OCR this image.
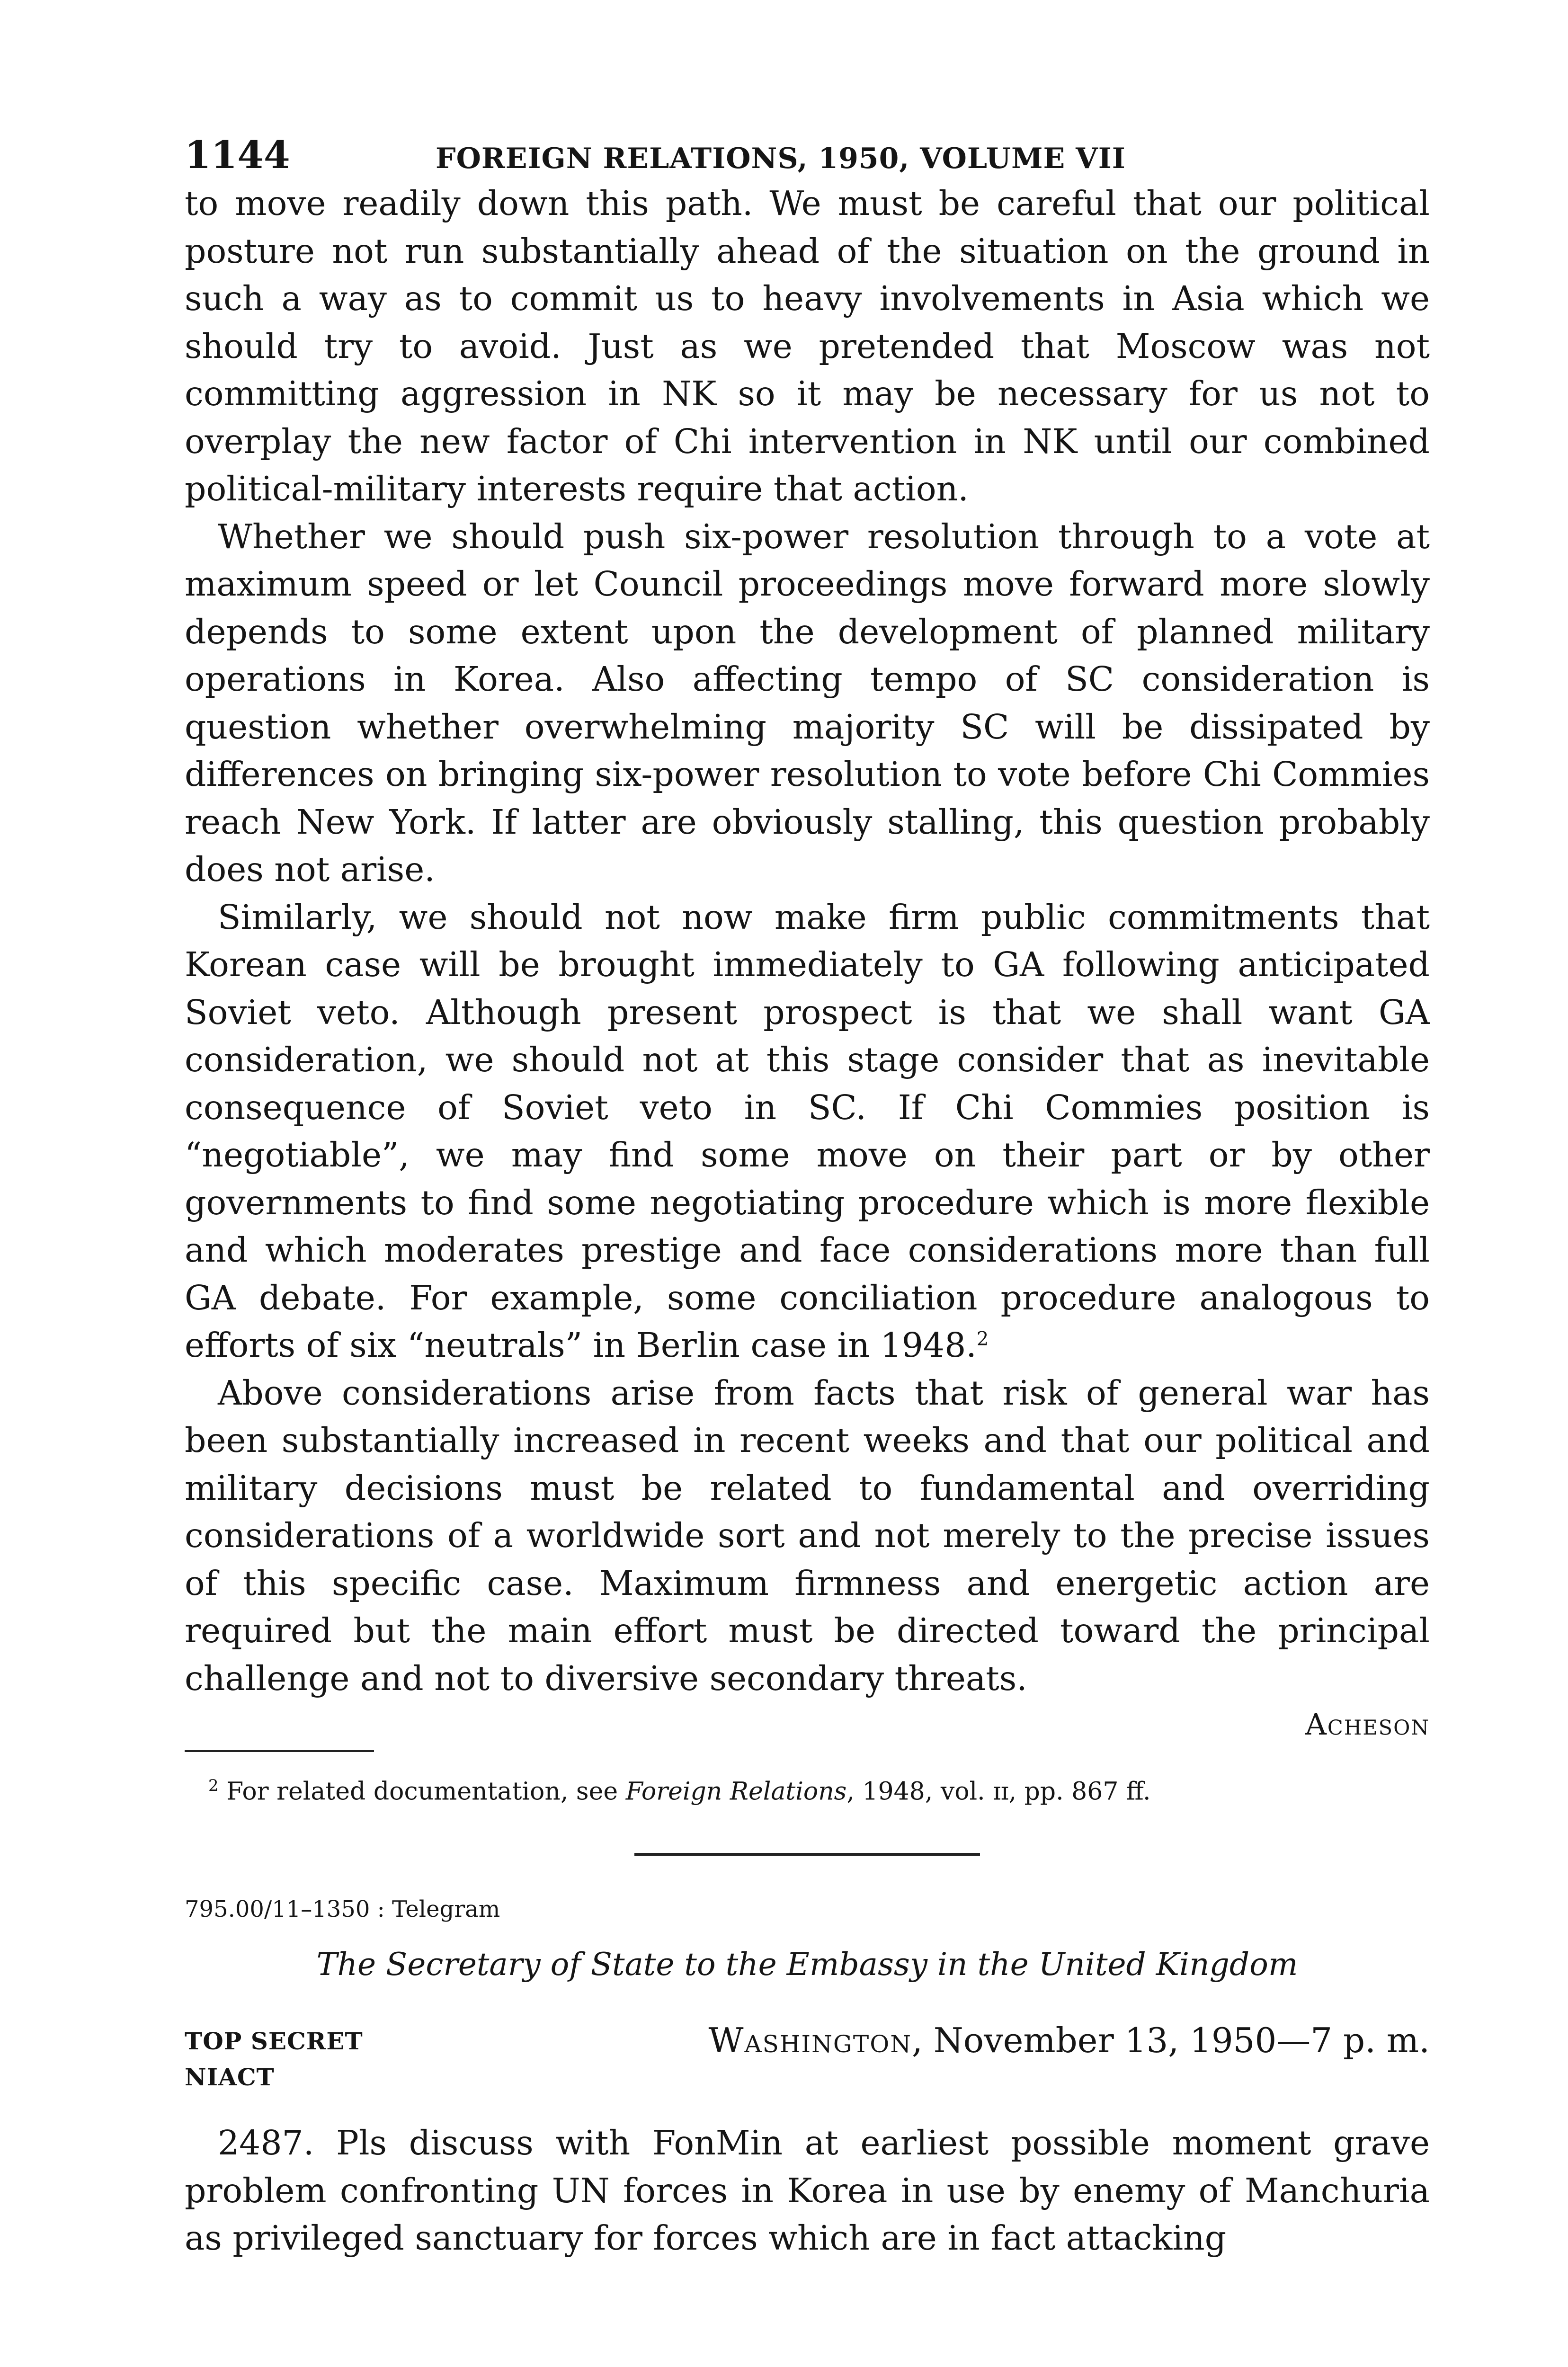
1144	FOREIGN RELATIONS, 1950, VOLUME VII

to move readily down this path. We must be careful that our political posture not run substantially ahead of the situation on the ground in such a way as to commit us to heavy involvements in Asia which we should try to avoid. Just as we pretended that Moscow was not committing aggression in NK so it may be necessary for us not to overplay the new factor of Chi intervention in NK until our combined political-military interests require that action.

Whether we should push six-power resolution through to a vote at maximum speed or let Council proceedings move forward more slowly depends to some extent upon the development of planned military operations in Korea. Also affecting tempo of SC consideration is question whether overwhelming majority SC will be dissipated by differences on bringing six-power resolution to vote before Chi Commies reach New York. If latter are obviously stalling, this question probably does not arise.

Similarly, we should not now make firm public commitments that Korean case will be brought immediately to GA following anticipated Soviet veto. Although present prospect is that we shall want GA consideration, we should not at this stage consider that as inevitable consequence of Soviet veto in SC. If Chi Commies position is “negotiable”, we may find some move on their part or by other governments to find some negotiating procedure which is more flexible and which moderates prestige and face considerations more than full GA debate. For example, some conciliation procedure analogous to efforts of six “neutrals” in Berlin case in 1948.$^2$

Above considerations arise from facts that risk of general war has been substantially increased in recent weeks and that our political and military decisions must be related to fundamental and overriding considerations of a worldwide sort and not merely to the precise issues of this specific case. Maximum firmness and energetic action are required but the main effort must be directed toward the principal challenge and not to diversive secondary threats.

Acheson

$^2$ For related documentation, see Foreign Relations, 1948, vol. ɪɪ, pp. 867 ff.

795.00/11–1350 : Telegram

The Secretary of State to the Embassy in the United Kingdom

TOP SECRET	Washington, November 13, 1950—7 p. m.

NIACT

2487. Pls discuss with FonMin at earliest possible moment grave problem confronting UN forces in Korea in use by enemy of Manchuria as privileged sanctuary for forces which are in fact attacking
